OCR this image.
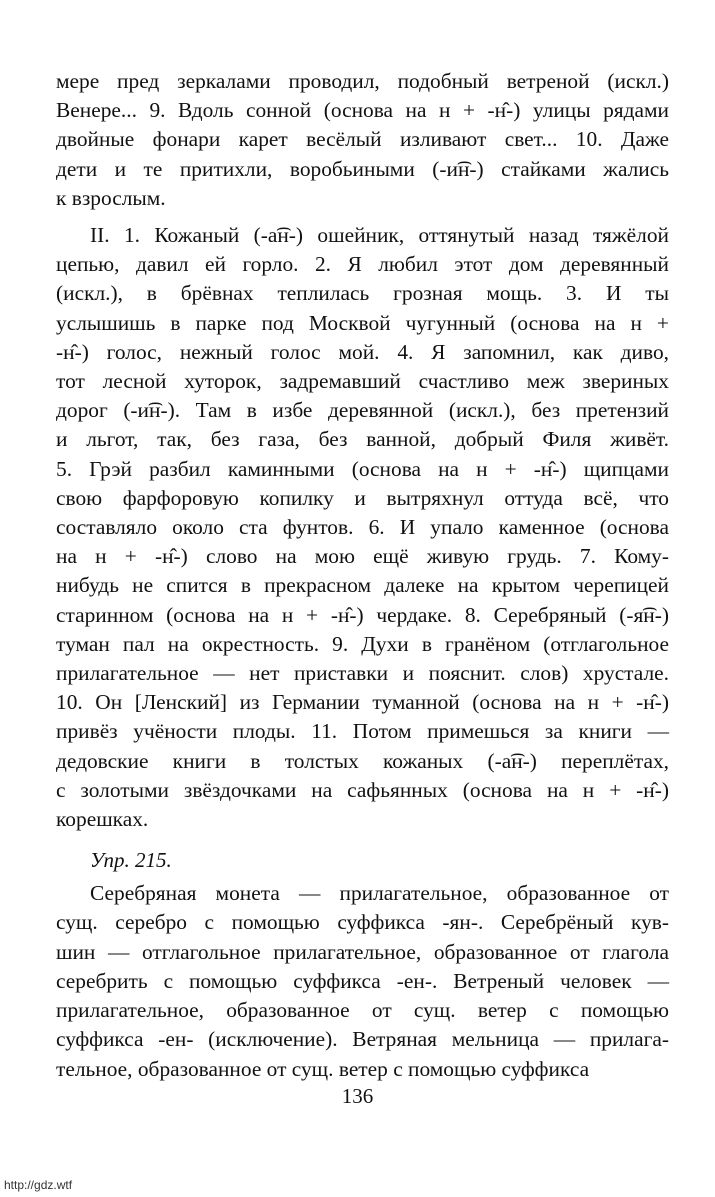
мере пред зеркалами проводил, подобный ветреной (искл.)
Венере... 9. Вдоль сонной (основа на н + -н̂-) улицы рядами
двойные фонари карет весёлый изливают свет... 10. Даже
дети и те притихли, воробьиными (-и͡н-) стайками жались
к взрослым.
II. 1. Кожаный (-а͡н-) ошейник, оттянутый назад тяжёлой
цепью, давил ей горло. 2. Я любил этот дом деревянный
(искл.), в брёвнах теплилась грозная мощь. 3. И ты
услышишь в парке под Москвой чугунный (основа на н +
-н̂-) голос, нежный голос мой. 4. Я запомнил, как диво,
тот лесной хуторок, задремавший счастливо меж звериных
дорог (-и͡н-). Там в избе деревянной (искл.), без претензий
и льгот, так, без газа, без ванной, добрый Филя живёт.
5. Грэй разбил каминными (основа на н + -н̂-) щипцами
свою фарфоровую копилку и вытряхнул оттуда всё, что
составляло около ста фунтов. 6. И упало каменное (основа
на н + -н̂-) слово на мою ещё живую грудь. 7. Кому-
нибудь не спится в прекрасном далеке на крытом черепицей
старинном (основа на н + -н̂-) чердаке. 8. Серебряный (-я͡н-)
туман пал на окрестность. 9. Духи в гранёном (отглагольное
прилагательное — нет приставки и пояснит. слов) хрустале.
10. Он [Ленский] из Германии туманной (основа на н + -н̂-)
привёз учёности плоды. 11. Потом примешься за книги —
дедовские книги в толстых кожаных (-а͡н-) переплётах,
с золотыми звёздочками на сафьянных (основа на н + -н̂-)
корешках.
Упр. 215.
Серебряная монета — прилагательное, образованное от
сущ. серебро с помощью суффикса -ян-. Серебрёный кув-
шин — отглагольное прилагательное, образованное от глагола
серебрить с помощью суффикса -ен-. Ветреный человек —
прилагательное, образованное от сущ. ветер с помощью
суффикса -ен- (исключение). Ветряная мельница — прилага-
тельное, образованное от сущ. ветер с помощью суффикса
136
http://gdz.wtf
